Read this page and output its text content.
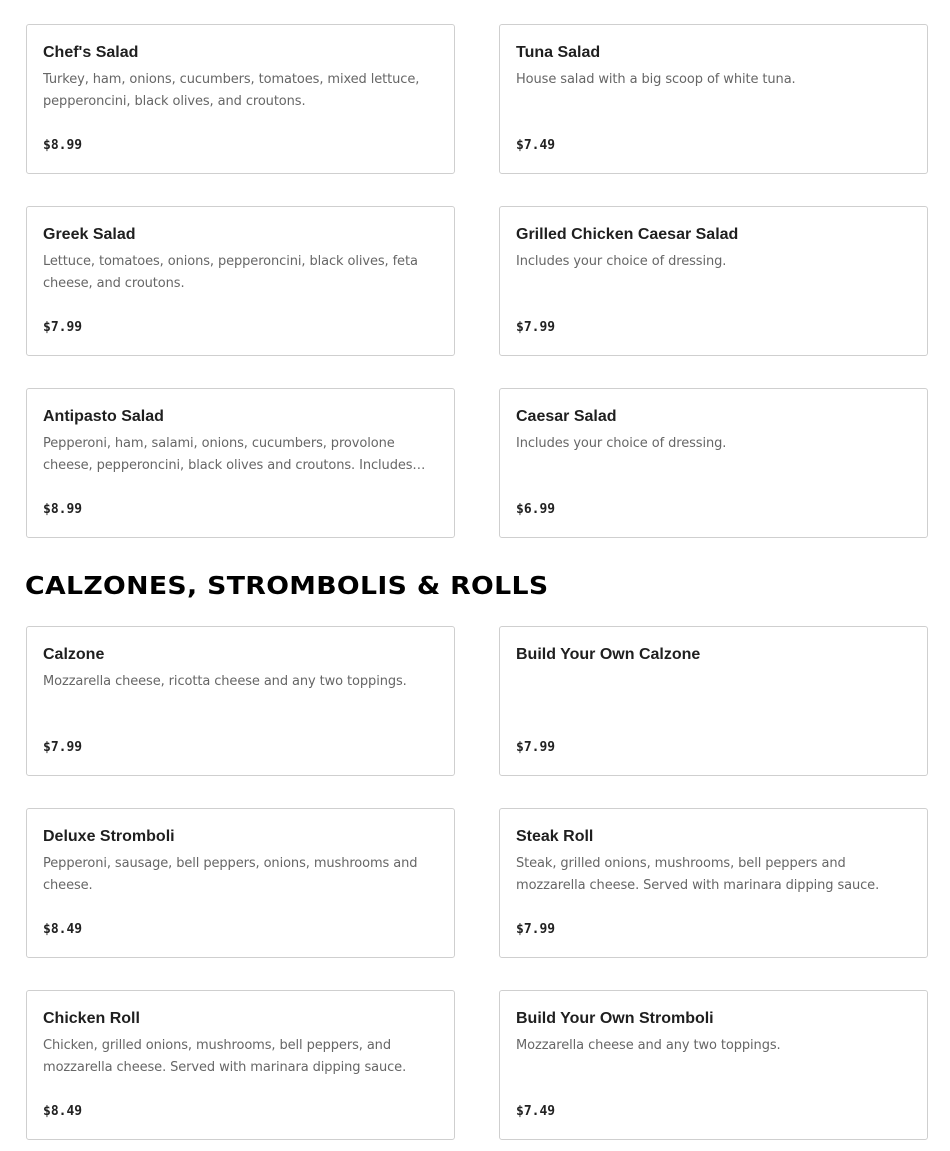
Chef's Salad
Turkey, ham, onions, cucumbers, tomatoes, mixed lettuce, pepperoncini, black olives, and croutons.
$8.99
Tuna Salad
House salad with a big scoop of white tuna.
$7.49
Greek Salad
Lettuce, tomatoes, onions, pepperoncini, black olives, feta cheese, and croutons.
$7.99
Grilled Chicken Caesar Salad
Includes your choice of dressing.
$7.99
Antipasto Salad
Pepperoni, ham, salami, onions, cucumbers, provolone cheese, pepperoncini, black olives and croutons. Includes…
$8.99
Caesar Salad
Includes your choice of dressing.
$6.99
CALZONES, STROMBOLIS & ROLLS
Calzone
Mozzarella cheese, ricotta cheese and any two toppings.
$7.99
Build Your Own Calzone
$7.99
Deluxe Stromboli
Pepperoni, sausage, bell peppers, onions, mushrooms and cheese.
$8.49
Steak Roll
Steak, grilled onions, mushrooms, bell peppers and mozzarella cheese. Served with marinara dipping sauce.
$7.99
Chicken Roll
Chicken, grilled onions, mushrooms, bell peppers, and mozzarella cheese. Served with marinara dipping sauce.
$8.49
Build Your Own Stromboli
Mozzarella cheese and any two toppings.
$7.49
